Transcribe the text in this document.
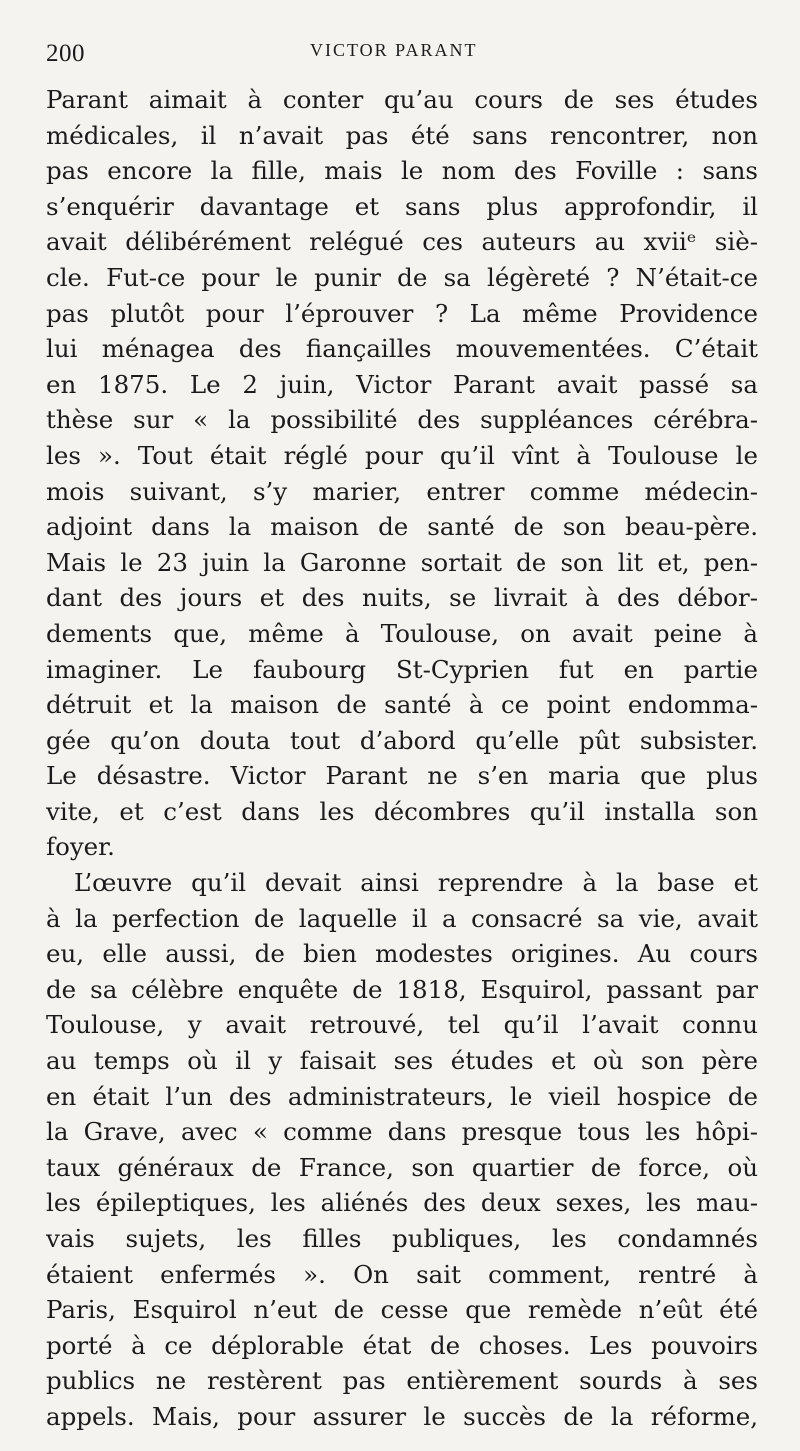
200	VICTOR PARANT
Parant aimait à conter qu’au cours de ses études
médicales, il n’avait pas été sans rencontrer, non
pas encore la fille, mais le nom des Foville : sans
s’enquérir davantage et sans plus approfondir, il
avait délibérément relégué ces auteurs au xviiᵉ siè-
cle. Fut-ce pour le punir de sa légèreté ? N’était-ce
pas plutôt pour l’éprouver ? La même Providence
lui ménagea des fiançailles mouvementées. C’était
en 1875. Le 2 juin, Victor Parant avait passé sa
thèse sur « la possibilité des suppléances cérébra-
les ». Tout était réglé pour qu’il vînt à Toulouse le
mois suivant, s’y marier, entrer comme médecin-
adjoint dans la maison de santé de son beau-père.
Mais le 23 juin la Garonne sortait de son lit et, pen-
dant des jours et des nuits, se livrait à des débor-
dements que, même à Toulouse, on avait peine à
imaginer. Le faubourg St-Cyprien fut en partie
détruit et la maison de santé à ce point endomma-
gée qu’on douta tout d’abord qu’elle pût subsister.
Le désastre. Victor Parant ne s’en maria que plus
vite, et c’est dans les décombres qu’il installa son
foyer.
L’œuvre qu’il devait ainsi reprendre à la base et
à la perfection de laquelle il a consacré sa vie, avait
eu, elle aussi, de bien modestes origines. Au cours
de sa célèbre enquête de 1818, Esquirol, passant par
Toulouse, y avait retrouvé, tel qu’il l’avait connu
au temps où il y faisait ses études et où son père
en était l’un des administrateurs, le vieil hospice de
la Grave, avec « comme dans presque tous les hôpi-
taux généraux de France, son quartier de force, où
les épileptiques, les aliénés des deux sexes, les mau-
vais sujets, les filles publiques, les condamnés
étaient enfermés ». On sait comment, rentré à
Paris, Esquirol n’eut de cesse que remède n’eût été
porté à ce déplorable état de choses. Les pouvoirs
publics ne restèrent pas entièrement sourds à ses
appels. Mais, pour assurer le succès de la réforme,
